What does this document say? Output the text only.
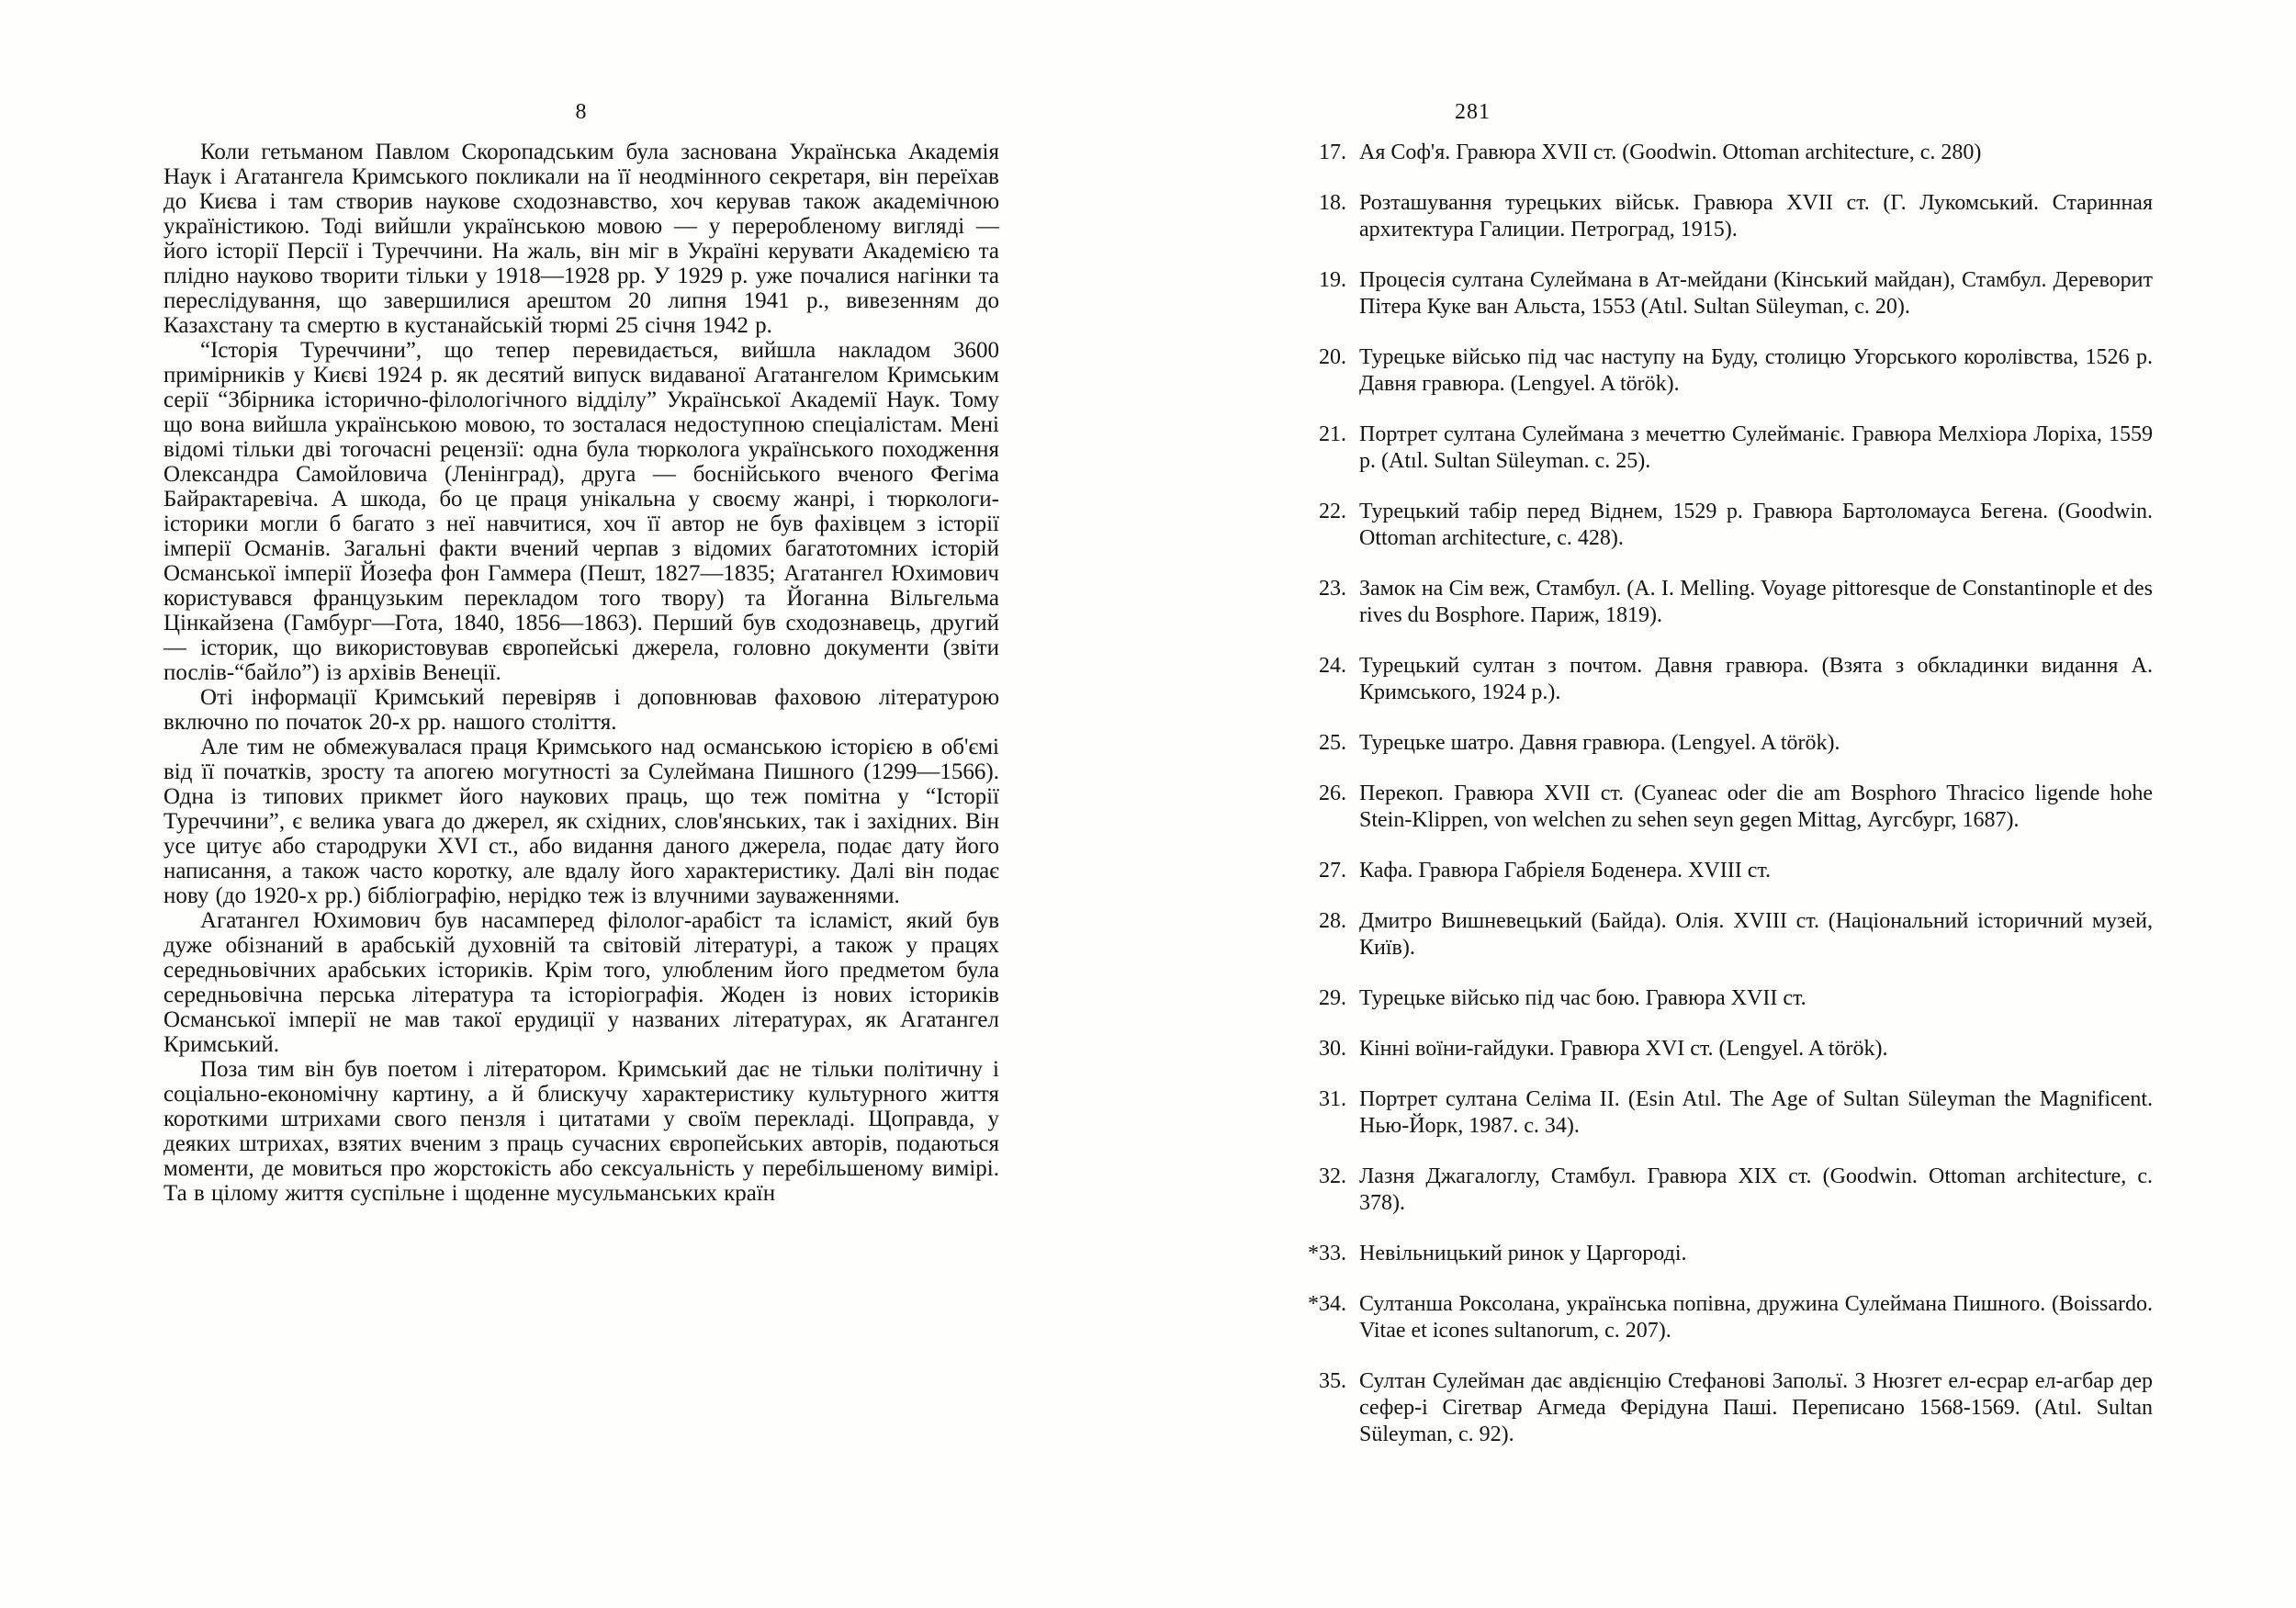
8

Коли гетьманом Павлом Скоропадським була заснована Українська Академія Наук і Агатангела Кримського покликали на її неодмінного секретаря, він переїхав до Києва і там створив наукове сходознавство, хоч керував також академічною україністикою. Тоді вийшли українською мовою — у переробленому вигляді — його історії Персії і Туреччини. На жаль, він міг в Україні керувати Академією та плідно науково творити тільки у 1918—1928 рр. У 1929 р. уже почалися нагінки та переслідування, що завершилися арештом 20 липня 1941 р., вивезенням до Казахстану та смертю в кустанайській тюрмі 25 січня 1942 р.

“Історія Туреччини”, що тепер перевидається, вийшла накладом 3600 примірників у Києві 1924 р. як десятий випуск видаваної Агатангелом Кримським серії “Збірника історично-філологічного відділу” Української Академії Наук. Тому що вона вийшла українською мовою, то зосталася недоступною спеціалістам. Мені відомі тільки дві тогочасні рецензії: одна була тюрколога українського походження Олександра Самойловича (Ленінград), друга — боснійського вченого Фегіма Байрактаревіча. А шкода, бо це праця унікальна у своєму жанрі, і тюркологи-історики могли б багато з неї навчитися, хоч її автор не був фахівцем з історії імперії Османів. Загальні факти вчений черпав з відомих багатотомних історій Османської імперії Йозефа фон Гаммера (Пешт, 1827—1835; Агатангел Юхимович користувався французьким перекладом того твору) та Йоганна Вільгельма Цінкайзена (Гамбург—Гота, 1840, 1856—1863). Перший був сходознавець, другий — історик, що використовував європейські джерела, головно документи (звіти послів-“байло”) із архівів Венеції.

Оті інформації Кримський перевіряв і доповнював фаховою літературою включно по початок 20-х рр. нашого століття.

Але тим не обмежувалася праця Кримського над османською історією в об'ємі від її початків, зросту та апогею могутності за Сулеймана Пишного (1299—1566). Одна із типових прикмет його наукових праць, що теж помітна у “Історії Туреччини”, є велика увага до джерел, як східних, слов'янських, так і західних. Він усе цитує або стародруки XVI ст., або видання даного джерела, подає дату його написання, а також часто коротку, але вдалу його характеристику. Далі він подає нову (до 1920-х рр.) бібліографію, нерідко теж із влучними зауваженнями.

Агатангел Юхимович був насамперед філолог-арабіст та ісламіст, який був дуже обізнаний в арабській духовній та світовій літературі, а також у працях середньовічних арабських істориків. Крім того, улюбленим його предметом була середньовічна перська література та історіографія. Жоден із нових істориків Османської імперії не мав такої ерудиції у названих літературах, як Агатангел Кримський.

Поза тим він був поетом і літератором. Кримський дає не тільки політичну і соціально-економічну картину, а й блискучу характеристику культурного життя короткими штрихами свого пензля і цитатами у своїм перекладі. Щоправда, у деяких штрихах, взятих вченим з праць сучасних європейських авторів, подаються моменти, де мовиться про жорстокість або сексуальність у перебільшеному вимірі. Та в цілому життя суспільне і щоденне мусульманських країн

281
17. Ая Соф'я. Гравюра XVII ст. (Goodwin. Ottoman architecture, с. 280)
18. Розташування турецьких військ. Гравюра XVII ст. (Г. Лукомський. Старинная архитектура Галиции. Петроград, 1915).
19. Процесія султана Сулеймана в Ат-мейдани (Кінський майдан), Стамбул. Дереворит Пітера Куке ван Альста, 1553 (Atıl. Sultan Süleyman, с. 20).
20. Турецьке військо під час наступу на Буду, столицю Угорського королівства, 1526 р. Давня гравюра. (Lengyel. A török).
21. Портрет султана Сулеймана з мечеттю Сулейманіє. Гравюра Мелхіора Лоріха, 1559 р. (Atıl. Sultan Süleyman. с. 25).
22. Турецький табір перед Віднем, 1529 р. Гравюра Бартоломауса Бегена. (Goodwin. Ottoman architecture, с. 428).
23. Замок на Сім веж, Стамбул. (А. І. Melling. Voyage pittoresque de Constantinople et des rives du Bosphore. Париж, 1819).
24. Турецький султан з почтом. Давня гравюра. (Взята з обкладинки видання А. Кримського, 1924 р.).
25. Турецьке шатро. Давня гравюра. (Lengyel. A török).
26. Перекоп. Гравюра XVII ст. (Cyaneac oder die am Bosphoro Thracico ligende hohe Stein-Klippen, von welchen zu sehen seyn gegen Mittag, Аугсбург, 1687).
27. Кафа. Гравюра Габріеля Боденера. XVIII ст.
28. Дмитро Вишневецький (Байда). Олія. XVIII ст. (Національний історичний музей, Київ).
29. Турецьке військо під час бою. Гравюра XVII ст.
30. Кінні воїни-гайдуки. Гравюра XVI ст. (Lengyel. A török).
31. Портрет султана Селіма II. (Esin Atıl. The Age of Sultan Süleyman the Magnificent. Нью-Йорк, 1987. с. 34).
32. Лазня Джагалоглу, Стамбул. Гравюра XIX ст. (Goodwin. Ottoman architecture, с. 378).
*33. Невільницький ринок у Царгороді.
*34. Султанша Роксолана, українська попівна, дружина Сулеймана Пишного. (Boissardo. Vitae et icones sultanorum, с. 207).
35. Султан Сулейман дає авдієнцію Стефанові Запольї. З Нюзгет ел-есрар ел-агбар дер сефер-і Сігетвар Агмеда Ферідуна Паші. Переписано 1568-1569. (Atıl. Sultan Süleyman, с. 92).
